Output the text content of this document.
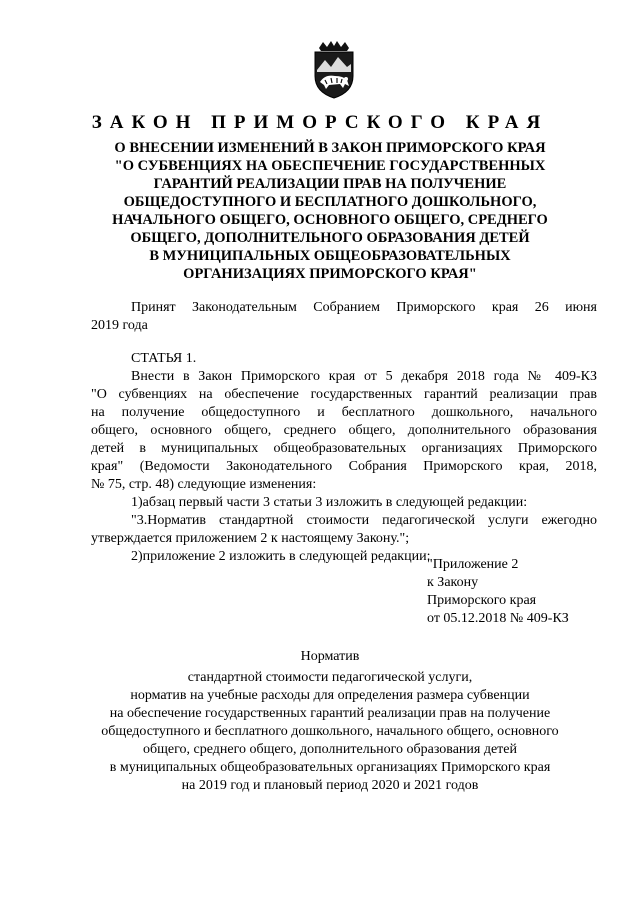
ЗАКОН ПРИМОРСКОГО КРАЯ
О ВНЕСЕНИИ ИЗМЕНЕНИЙ В ЗАКОН ПРИМОРСКОГО КРАЯ
"О СУБВЕНЦИЯХ НА ОБЕСПЕЧЕНИЕ ГОСУДАРСТВЕННЫХ
ГАРАНТИЙ РЕАЛИЗАЦИИ ПРАВ НА ПОЛУЧЕНИЕ
ОБЩЕДОСТУПНОГО И БЕСПЛАТНОГО ДОШКОЛЬНОГО,
НАЧАЛЬНОГО ОБЩЕГО, ОСНОВНОГО ОБЩЕГО, СРЕДНЕГО
ОБЩЕГО, ДОПОЛНИТЕЛЬНОГО ОБРАЗОВАНИЯ ДЕТЕЙ
В МУНИЦИПАЛЬНЫХ ОБЩЕОБРАЗОВАТЕЛЬНЫХ
ОРГАНИЗАЦИЯХ ПРИМОРСКОГО КРАЯ"
Принят Законодательным Собранием Приморского края 26 июня
2019 года
СТАТЬЯ 1.
Внести в Закон Приморского края от 5 декабря 2018 года № 409-КЗ
"О субвенциях на обеспечение государственных гарантий реализации прав
на получение общедоступного и бесплатного дошкольного, начального
общего, основного общего, среднего общего, дополнительного образования
детей в муниципальных общеобразовательных организациях Приморского
края" (Ведомости Законодательного Собрания Приморского края, 2018,
№ 75, стр. 48) следующие изменения:
1)абзац первый части 3 статьи 3 изложить в следующей редакции:
"3.Норматив стандартной стоимости педагогической услуги ежегодно
утверждается приложением 2 к настоящему Закону.";
2)приложение 2 изложить в следующей редакции:
"Приложение 2
к Закону
Приморского края
от 05.12.2018 № 409-КЗ
Норматив
стандартной стоимости педагогической услуги,
норматив на учебные расходы для определения размера субвенции
на обеспечение государственных гарантий реализации прав на получение
общедоступного и бесплатного дошкольного, начального общего, основного
общего, среднего общего, дополнительного образования детей
в муниципальных общеобразовательных организациях Приморского края
на 2019 год и плановый период 2020 и 2021 годов
